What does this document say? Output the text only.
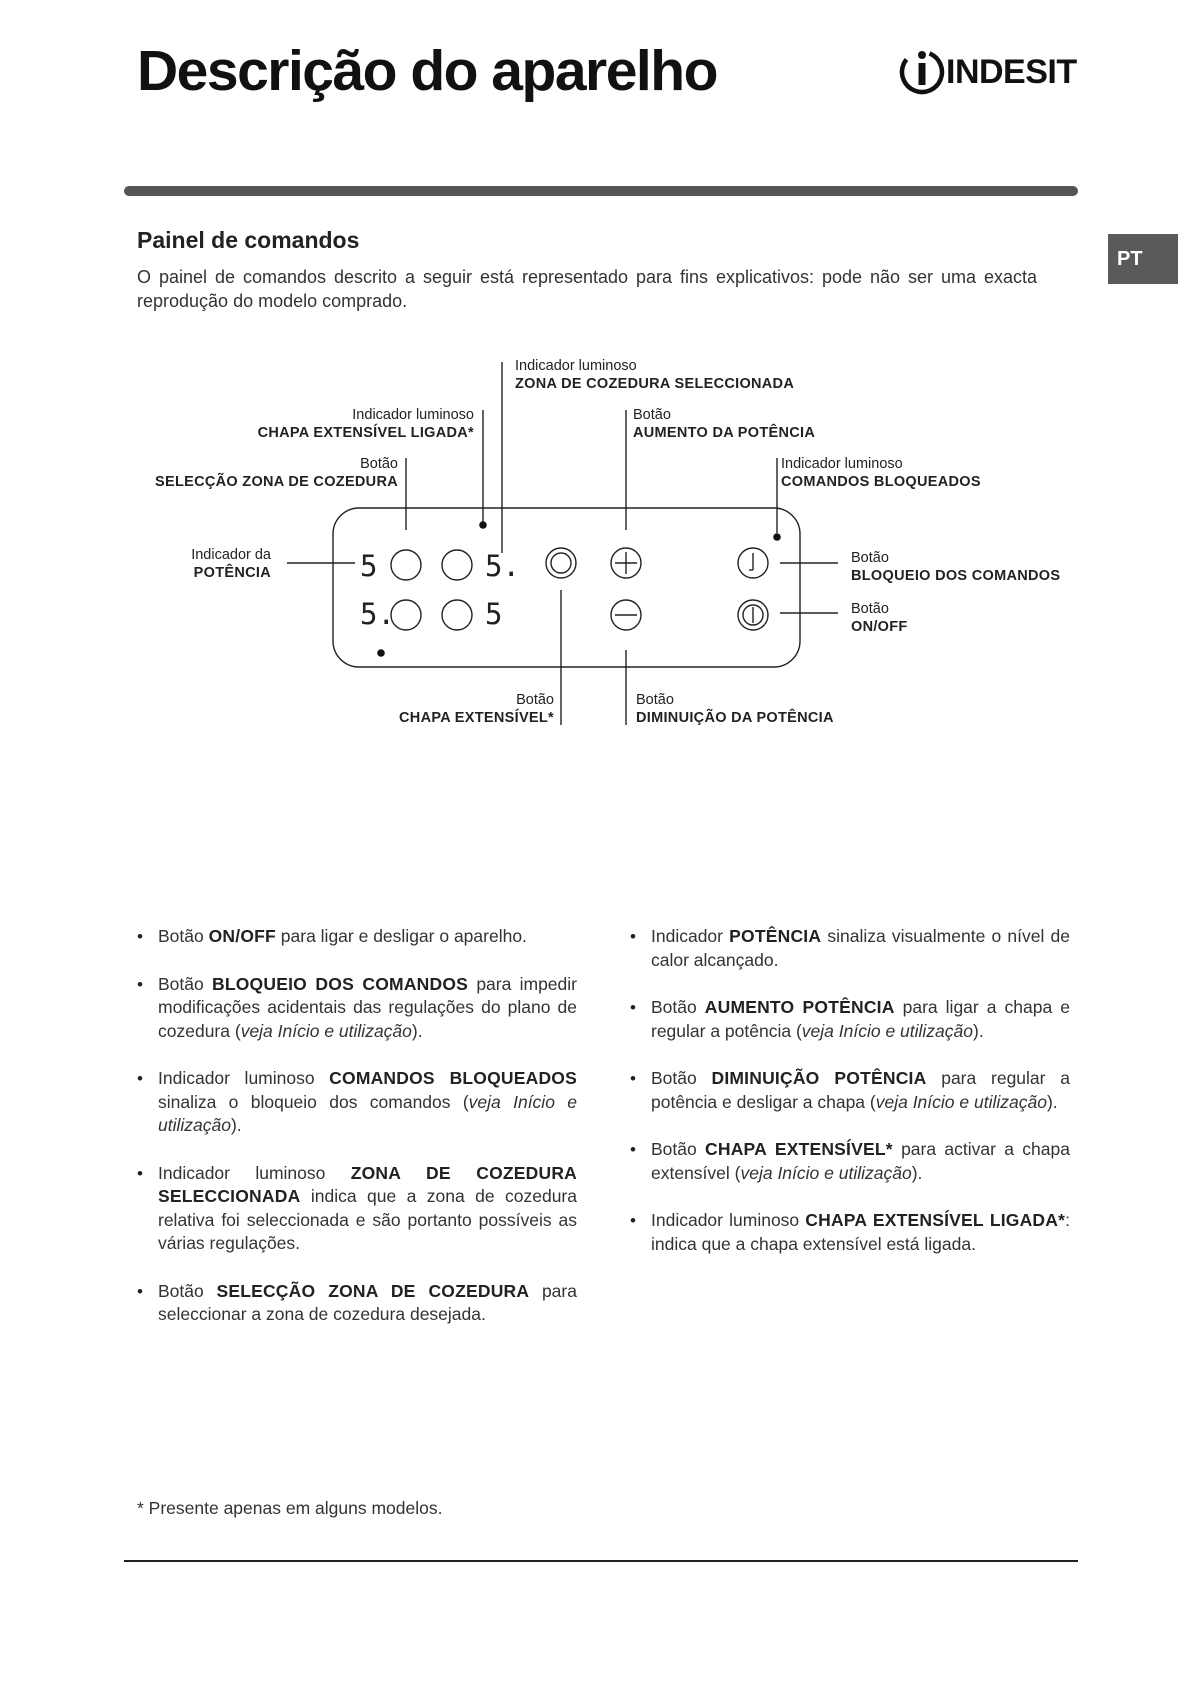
Descrição do aparelho	INDESIT
PT
Painel de comandos

O painel de comandos descrito a seguir está representado para fins explicativos: pode não ser uma exacta reprodução do modelo comprado.

5	5.
5.	5
Indicador luminoso
ZONA DE COZEDURA SELECCIONADA
Indicador luminoso
CHAPA EXTENSÍVEL LIGADA*
Botão
AUMENTO DA POTÊNCIA
Botão
SELECÇÃO ZONA DE COZEDURA
Indicador luminoso
COMANDOS BLOQUEADOS
Indicador da
POTÊNCIA
Botão
BLOQUEIO DOS COMANDOS
Botão
ON/OFF
Botão
CHAPA EXTENSÍVEL*
Botão
DIMINUIÇÃO DA POTÊNCIA
• Botão ON/OFF para ligar e desligar o aparelho.
• Botão BLOQUEIO DOS COMANDOS para impedir modificações acidentais das regulações do plano de cozedura (veja Início e utilização).
• Indicador luminoso COMANDOS BLOQUEADOS sinaliza o bloqueio dos comandos (veja Início e utilização).
• Indicador luminoso ZONA DE COZEDURA SELECCIONADA indica que a zona de cozedura relativa foi seleccionada e são portanto possíveis as várias regulações.
• Botão SELECÇÃO ZONA DE COZEDURA para seleccionar a zona de cozedura desejada.
• Indicador POTÊNCIA sinaliza visualmente o nível de calor alcançado.
• Botão AUMENTO POTÊNCIA para ligar a chapa e regular a potência (veja Início e utilização).
• Botão DIMINUIÇÃO POTÊNCIA para regular a potência e desligar a chapa (veja Início e utilização).
• Botão CHAPA EXTENSÍVEL* para activar a chapa extensível (veja Início e utilização).
• Indicador luminoso CHAPA EXTENSÍVEL LIGADA*: indica que a chapa extensível está ligada.

* Presente apenas em alguns modelos.
